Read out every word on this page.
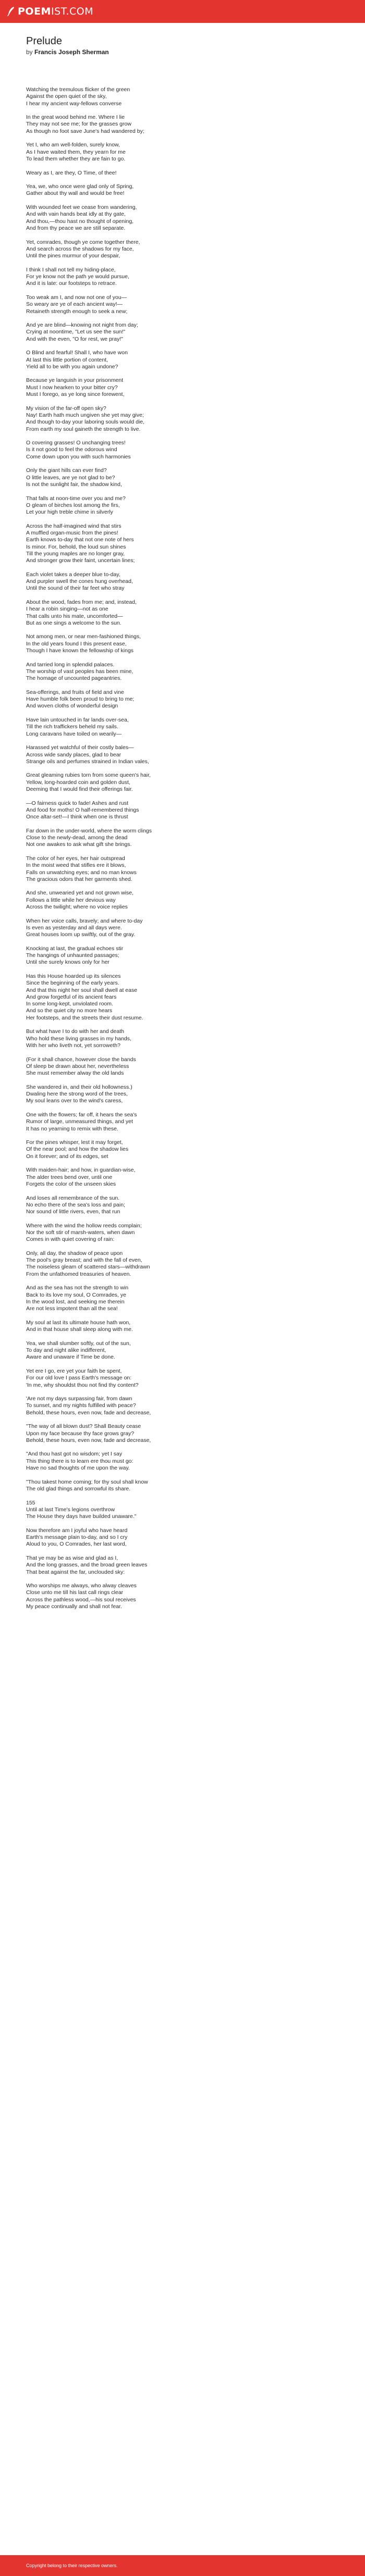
POEM IST.COM
Prelude
by Francis Joseph Sherman
Watching the tremulous flicker of the green
Against the open quiet of the sky,
I hear my ancient way-fellows converse
In the great wood behind me. Where I lie
They may not see me; for the grasses grow
As though no foot save June's had wandered by;
Yet I, who am well-folden, surely know,
As I have waited them, they yearn for me
To lead them whether they are fain to go.
Weary as I, are they, O Time, of thee!
Yea, we, who once were glad only of Spring,
Gather about thy wall and would be free!
With wounded feet we cease from wandering,
And with vain hands beat idly at thy gate,
And thou,—thou hast no thought of opening,
And from thy peace we are still separate.
Yet, comrades, though ye come together there,
And search across the shadows for my face,
Until the pines murmur of your despair,
I think I shall not tell my hiding-place,
For ye know not the path ye would pursue,
And it is late: our footsteps to retrace.
Too weak am I, and now not one of you—
So weary are ye of each ancient way!—
Retaineth strength enough to seek a new;
And ye are blind—knowing not night from day;
Crying at noontime, "Let us see the sun!"
And with the even, "O for rest, we pray!"
O Blind and fearful! Shall I, who have won
At last this little portion of content,
Yield all to be with you again undone?
Because ye languish in your prisonment
Must I now hearken to your bitter cry?
Must I forego, as ye long since forewent,
My vision of the far-off open sky?
Nay! Earth hath much ungiven she yet may give;
And though to-day your laboring souls would die,
From earth my soul gaineth the strength to live.
O covering grasses! O unchanging trees!
Is it not good to feel the odorous wind
Come down upon you with such harmonies
Only the giant hills can ever find?
O little leaves, are ye not glad to be?
Is not the sunlight fair, the shadow kind,
That falls at noon-time over you and me?
O gleam of birches lost among the firs,
Let your high treble chime in silverly
Across the half-imagined wind that stirs
A muffled organ-music from the pines!
Earth knows to-day that not one note of hers
Is minor. For, behold, the loud sun shines
Till the young maples are no longer gray,
And stronger grow their faint, uncertain lines;
Each violet takes a deeper blue to-day,
And purpler swell the cones hung overhead,
Until the sound of their far feet who stray
About the wood, fades from me; and, instead,
I hear a robin singing—not as one
That calls unto his mate, uncomforted—
But as one sings a welcome to the sun.
Not among men, or near men-fashioned things,
In the old years found I this present ease,
Though I have known the fellowship of kings
And tarried long in splendid palaces.
The worship of vast peoples has been mine,
The homage of uncounted pageantries.
Sea-offerings, and fruits of field and vine
Have humble folk been proud to bring to me;
And woven cloths of wonderful design
Have lain untouched in far lands over-sea,
Till the rich traffickers beheld my sails.
Long caravans have toiled on wearily—
Harassed yet watchful of their costly bales—
Across wide sandy places, glad to bear
Strange oils and perfumes strained in Indian vales,
Great gleaming rubies torn from some queen's hair,
Yellow, long-hoarded coin and golden dust,
Deeming that I would find their offerings fair.
—O fairness quick to fade! Ashes and rust
And food for moths! O half-remembered things
Once altar-set!—I think when one is thrust
Far down in the under-world, where the worm clings
Close to the newly-dead, among the dead
Not one awakes to ask what gift she brings.
The color of her eyes, her hair outspread
In the moist weed that stifles ere it blows,
Falls on unwatching eyes; and no man knows
The gracious odors that her garments shed.
And she, unwearied yet and not grown wise,
Follows a little while her devious way
Across the twilight; where no voice replies
When her voice calls, bravely; and where to-day
Is even as yesterday and all days were.
Great houses loom up swiftly, out of the gray.
Knocking at last, the gradual echoes stir
The hangings of unhaunted passages;
Until she surely knows only for her
Has this House hoarded up its silences
Since the beginning of the early years.
And that this night her soul shall dwell at ease
And grow forgetful of its ancient fears
In some long-kept, unviolated room.
And so the quiet city no more hears
Her footsteps, and the streets their dust resume.
But what have I to do with her and death
Who hold these living grasses in my hands,
With her who liveth not, yet sorroweth?
(For it shall chance, however close the bands
Of sleep be drawn about her, nevertheless
She must remember alway the old lands
She wandered in, and their old hollowness.)
Dwaling here the strong word of the trees,
My soul leans over to the wind's caress,
One with the flowers; far off, it hears the sea's
Rumor of large, unmeasured things, and yet
It has no yearning to remix with these.
For the pines whisper, lest it may forget,
Of the near pool; and how the shadow lies
On it forever; and of its edges, set
With maiden-hair; and how, in guardian-wise,
The alder trees bend over, until one
Forgets the color of the unseen skies
And loses all remembrance of the sun.
No echo there of the sea's loss and pain;
Nor sound of little rivers, even, that run
Where with the wind the hollow reeds complain;
Nor the soft stir of marsh-waters, when dawn
Comes in with quiet covering of rain:
Only, all day, the shadow of peace upon
The pool's gray breast; and with the fall of even,
The noiseless gleam of scattered stars—withdrawn
From the unfathomed treasuries of heaven.
And as the sea has not the strength to win
Back to its love my soul, O Comrades, ye
In the wood lost, and seeking me therein
Are not less impotent than all the sea!
My soul at last its ultimate house hath won,
And in that house shall sleep along with me.
Yea, we shall slumber softly, out of the sun,
To day and night alike indifferent,
Aware and unaware if Time be done.
Yet ere I go, ere yet your faith be spent,
For our old love I pass Earth's message on:
'In me, why shouldst thou not find thy content?
'Are not my days surpassing fair, from dawn
To sunset, and my nights fulfilled with peace?
Behold, these hours, even now, fade and decrease,
"The way of all blown dust? Shall Beauty cease
Upon my face because thy face grows gray?
Behold, these hours, even now, fade and decrease,
"And thou hast got no wisdom; yet I say
This thing there is to learn ere thou must go:
Have no sad thoughts of me upon the way.
"Thou takest home coming; for thy soul shall know
The old glad things and sorrowful its share.
155
Until at last Time's legions overthrow
The House they days have builded unaware."
Now therefore am I joyful who have heard
Earth's message plain to-day, and so I cry
Aloud to you, O Comrades, her last word,
That ye may be as wise and glad as I,
And the long grasses, and the broad green leaves
That beat against the far, unclouded sky:
Who worships me always, who alway cleaves
Close unto me till his last call rings clear
Across the pathless wood,—his soul receives
My peace continually and shall not fear.
Copyright belong to their respective owners.
